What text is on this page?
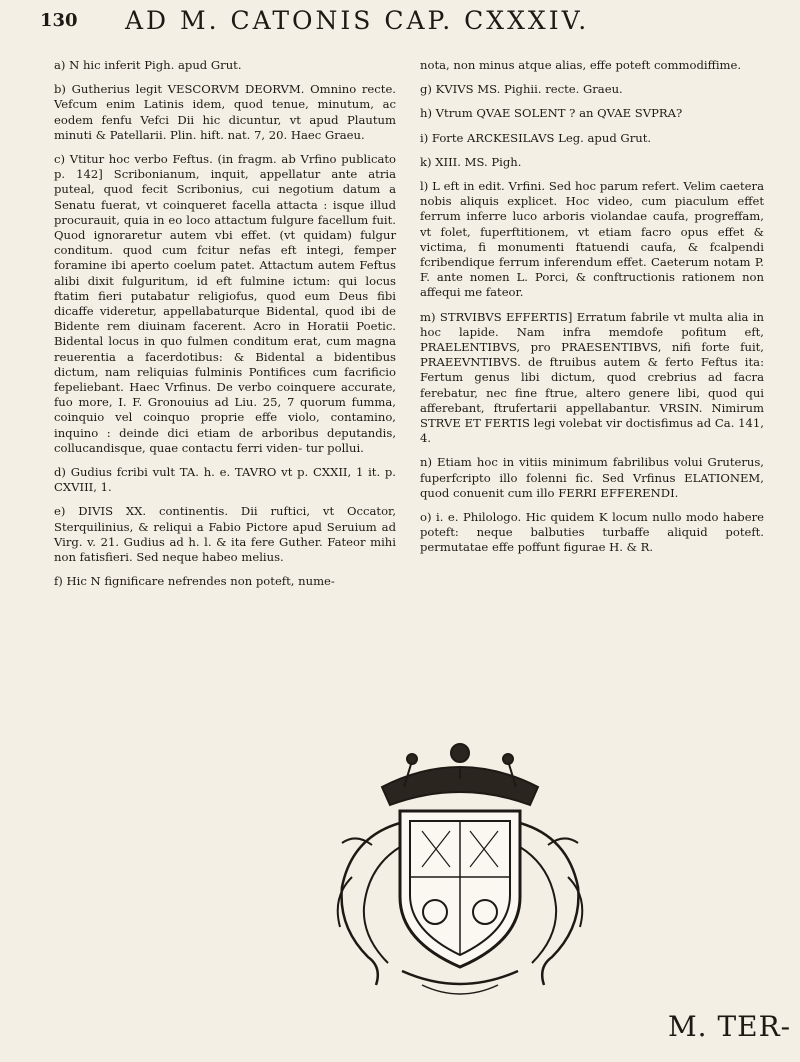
130 AD M. CATONIS CAP. CXXXIV.

a) N hic inferit Pigh. apud Grut.

b) Gutherius legit VESCORVM DEORVM. Omnino recte. Vefcum enim Latinis idem, quod tenue, minutum, ac eodem fenfu Vefci Dii hic dicuntur, vt apud Plautum minuti & Patellarii. Plin. hift. nat. 7, 20. Haec Graeu.

c) Vtitur hoc verbo Feftus. (in fragm. ab Vrfino publicato p. 142] Scribonianum, inquit, appellatur ante atria puteal, quod fecit Scribonius, cui negotium datum a Senatu fuerat, vt coinqueret facella attacta : isque illud procurauit, quia in eo loco attactum fulgure facellum fuit. Quod ignoraretur autem vbi effet. (vt quidam) fulgur conditum. quod cum fcitur nefas eft integi, femper foramine ibi aperto coelum patet. Attactum autem Feftus alibi dixit fulguritum, id eft fulmine ictum: qui locus ftatim fieri putabatur religiofus, quod eum Deus fibi dicaffe videretur, appellabaturque Bidental, quod ibi de Bidente rem diuinam facerent. Acro in Horatii Poetic. Bidental locus in quo fulmen conditum erat, cum magna reuerentia a facerdotibus: & Bidental a bidentibus dictum, nam reliquias fulminis Pontifices cum facrificio fepeliebant. Haec Vrfinus. De verbo coinquere accurate, fuo more, I. F. Gronouius ad Liu. 25, 7 quorum fumma, coinquio vel coinquo proprie effe violo, contamino, inquino : deinde dici etiam de arboribus deputandis, collucandisque, quae contactu ferri viden- tur pollui.

d) Gudius fcribi vult TA. h. e. TAVRO vt p. CXXII, 1 it. p. CXVIII, 1.

e) DIVIS XX. continentis. Dii ruftici, vt Occator, Sterquilinius, & reliqui a Fabio Pictore apud Seruium ad Virg. v. 21. Gudius ad h. l. & ita fere Guther. Fateor mihi non fatisfieri. Sed neque habeo melius.

f) Hic N fignificare nefrendes non poteft, nume-

nota, non minus atque alias, effe poteft commodiffime.

g) KVIVS MS. Pighii. recte. Graeu.

h) Vtrum QVAE SOLENT ? an QVAE SVPRA?

i) Forte ARCKESILAVS Leg. apud Grut.

k) XIII. MS. Pigh.

l) L eft in edit. Vrfini. Sed hoc parum refert. Velim caetera nobis aliquis explicet. Hoc video, cum piaculum effet ferrum inferre luco arboris violandae caufa, progreffam, vt folet, fuperftitionem, vt etiam facro opus effet & victima, fi monumenti ftatuendi caufa, & fcalpendi fcribendique ferrum inferendum effet. Caeterum notam P. F. ante nomen L. Porci, & conftructionis rationem non affequi me fateor.

m) STRVIBVS EFFERTIS] Erratum fabrile vt multa alia in hoc lapide. Nam infra memdofe pofitum eft, PRAELENTIBVS, pro PRAESENTIBVS, nifi forte fuit, PRAEEVNTIBVS. de ftruibus autem & ferto Feftus ita: Fertum genus libi dictum, quod crebrius ad facra ferebatur, nec fine ftrue, altero genere libi, quod qui afferebant, ftrufertarii appellabantur. VRSIN. Nimirum STRVE ET FERTIS legi volebat vir doctisfimus ad Ca. 141, 4.

n) Etiam hoc in vitiis minimum fabrilibus volui Gruterus, fuperfcripto illo folenni fic. Sed Vrfinus ELATIONEM, quod conuenit cum illo FERRI EFFERENDI.

o) i. e. Philologo. Hic quidem K locum nullo modo habere poteft: neque balbuties turbaffe aliquid poteft. permutatae effe poffunt figurae H. & R.

M. TER-
